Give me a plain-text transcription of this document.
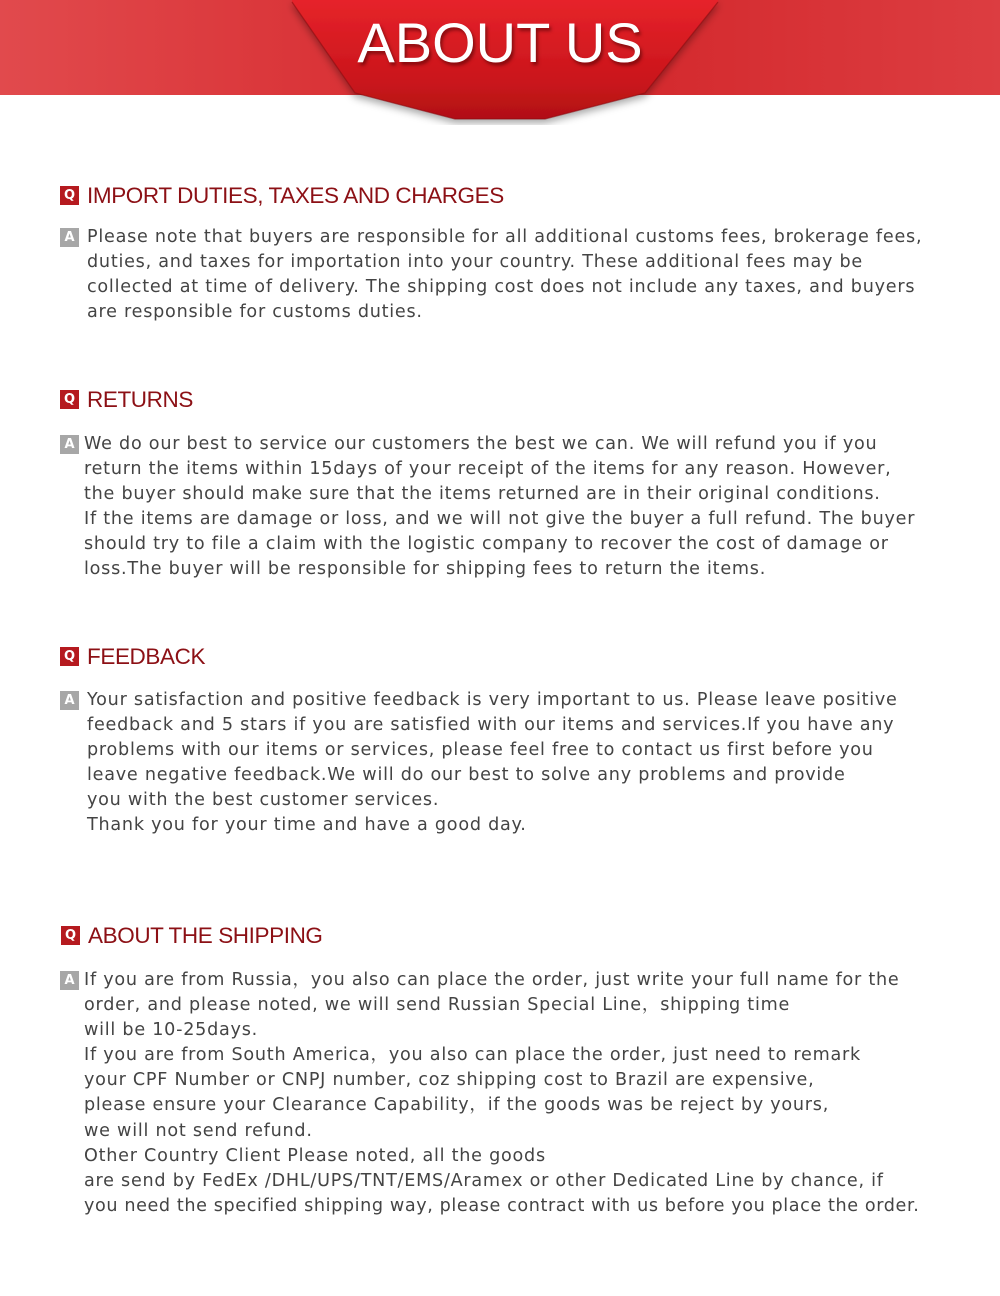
ABOUT US
Q IMPORT DUTIES, TAXES AND CHARGES
A Please note that buyers are responsible for all additional customs fees, brokerage fees,
duties, and taxes for importation into your country. These additional fees may be
collected at time of delivery. The shipping cost does not include any taxes, and buyers
are responsible for customs duties.
Q RETURNS
A We do our best to service our customers the best we can. We will refund you if you
return the items within 15days of your receipt of the items for any reason. However,
the buyer should make sure that the items returned are in their original conditions.
If the items are damage or loss, and we will not give the buyer a full refund. The buyer
should try to file a claim with the logistic company to recover the cost of damage or
loss.The buyer will be responsible for shipping fees to return the items.
Q FEEDBACK
A Your satisfaction and positive feedback is very important to us. Please leave positive
feedback and 5 stars if you are satisfied with our items and services.If you have any
problems with our items or services, please feel free to contact us first before you
leave negative feedback.We will do our best to solve any problems and provide
you with the best customer services.
Thank you for your time and have a good day.
Q ABOUT THE SHIPPING
A If you are from Russia，you also can place the order, just write your full name for the
order, and please noted, we will send Russian Special Line，shipping time
will be 10-25days.
If you are from South America，you also can place the order, just need to remark
your CPF Number or CNPJ number, coz shipping cost to Brazil are expensive,
please ensure your Clearance Capability，if the goods was be reject by yours,
we will not send refund.
Other Country Client Please noted, all the goods
are send by FedEx /DHL/UPS/TNT/EMS/Aramex or other Dedicated Line by chance, if
you need the specified shipping way, please contract with us before you place the order.
